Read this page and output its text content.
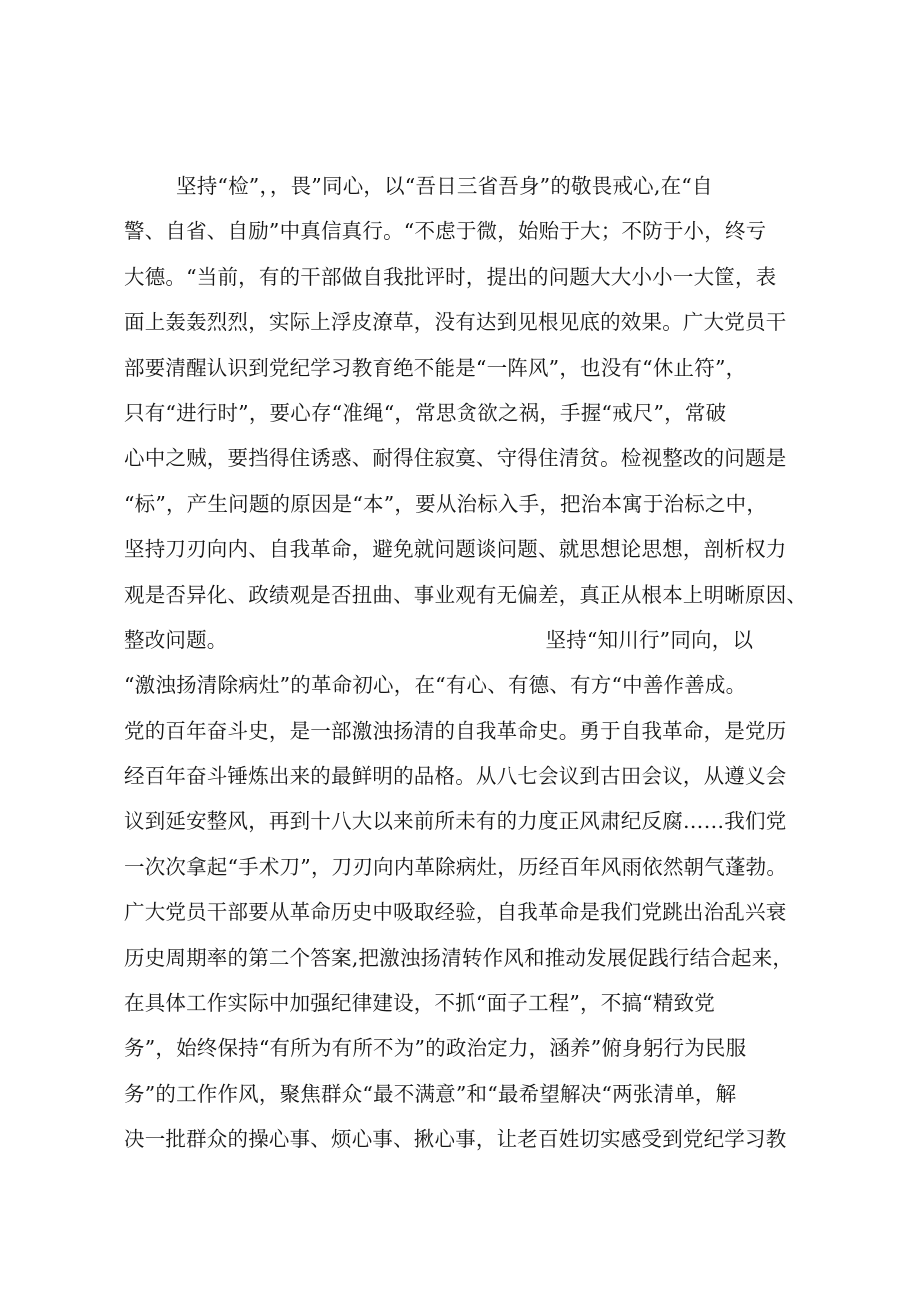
坚持“检”，，畏”同心，以“吾日三省吾身”的敬畏戒心,在“自
警、自省、自励”中真信真行。“不虑于微，始贻于大；不防于小，终亏
大德。“当前，有的干部做自我批评时，提出的问题大大小小一大筐，表
面上轰轰烈烈，实际上浮皮潦草，没有达到见根见底的效果。广大党员干
部要清醒认识到党纪学习教育绝不能是“一阵风”，也没有“休止符”，
只有“进行时”，要心存“准绳“，常思贪欲之祸，手握“戒尺”，常破
心中之贼，要挡得住诱惑、耐得住寂寞、守得住清贫。检视整改的问题是
“标”，产生问题的原因是“本”，要从治标入手，把治本寓于治标之中，
坚持刀刃向内、自我革命，避免就问题谈问题、就思想论思想，剖析权力
观是否异化、政绩观是否扭曲、事业观有无偏差，真正从根本上明晰原因、
整改问题。	坚持“知川行”同向，以
“激浊扬清除病灶”的革命初心，在“有心、有德、有方“中善作善成。
党的百年奋斗史，是一部激浊扬清的自我革命史。勇于自我革命，是党历
经百年奋斗锤炼出来的最鲜明的品格。从八七会议到古田会议，从遵义会
议到延安整风，再到十八大以来前所未有的力度正风肃纪反腐……我们党
一次次拿起“手术刀”，刀刃向内革除病灶，历经百年风雨依然朝气蓬勃。
广大党员干部要从革命历史中吸取经验，自我革命是我们党跳出治乱兴衰
历史周期率的第二个答案,把激浊扬清转作风和推动发展促践行结合起来，
在具体工作实际中加强纪律建设，不抓“面子工程”，不搞“精致党
务”，始终保持“有所为有所不为”的政治定力，涵养”俯身躬行为民服
务”的工作作风，聚焦群众“最不满意”和“最希望解决“两张清单，解
决一批群众的操心事、烦心事、揪心事，让老百姓切实感受到党纪学习教
